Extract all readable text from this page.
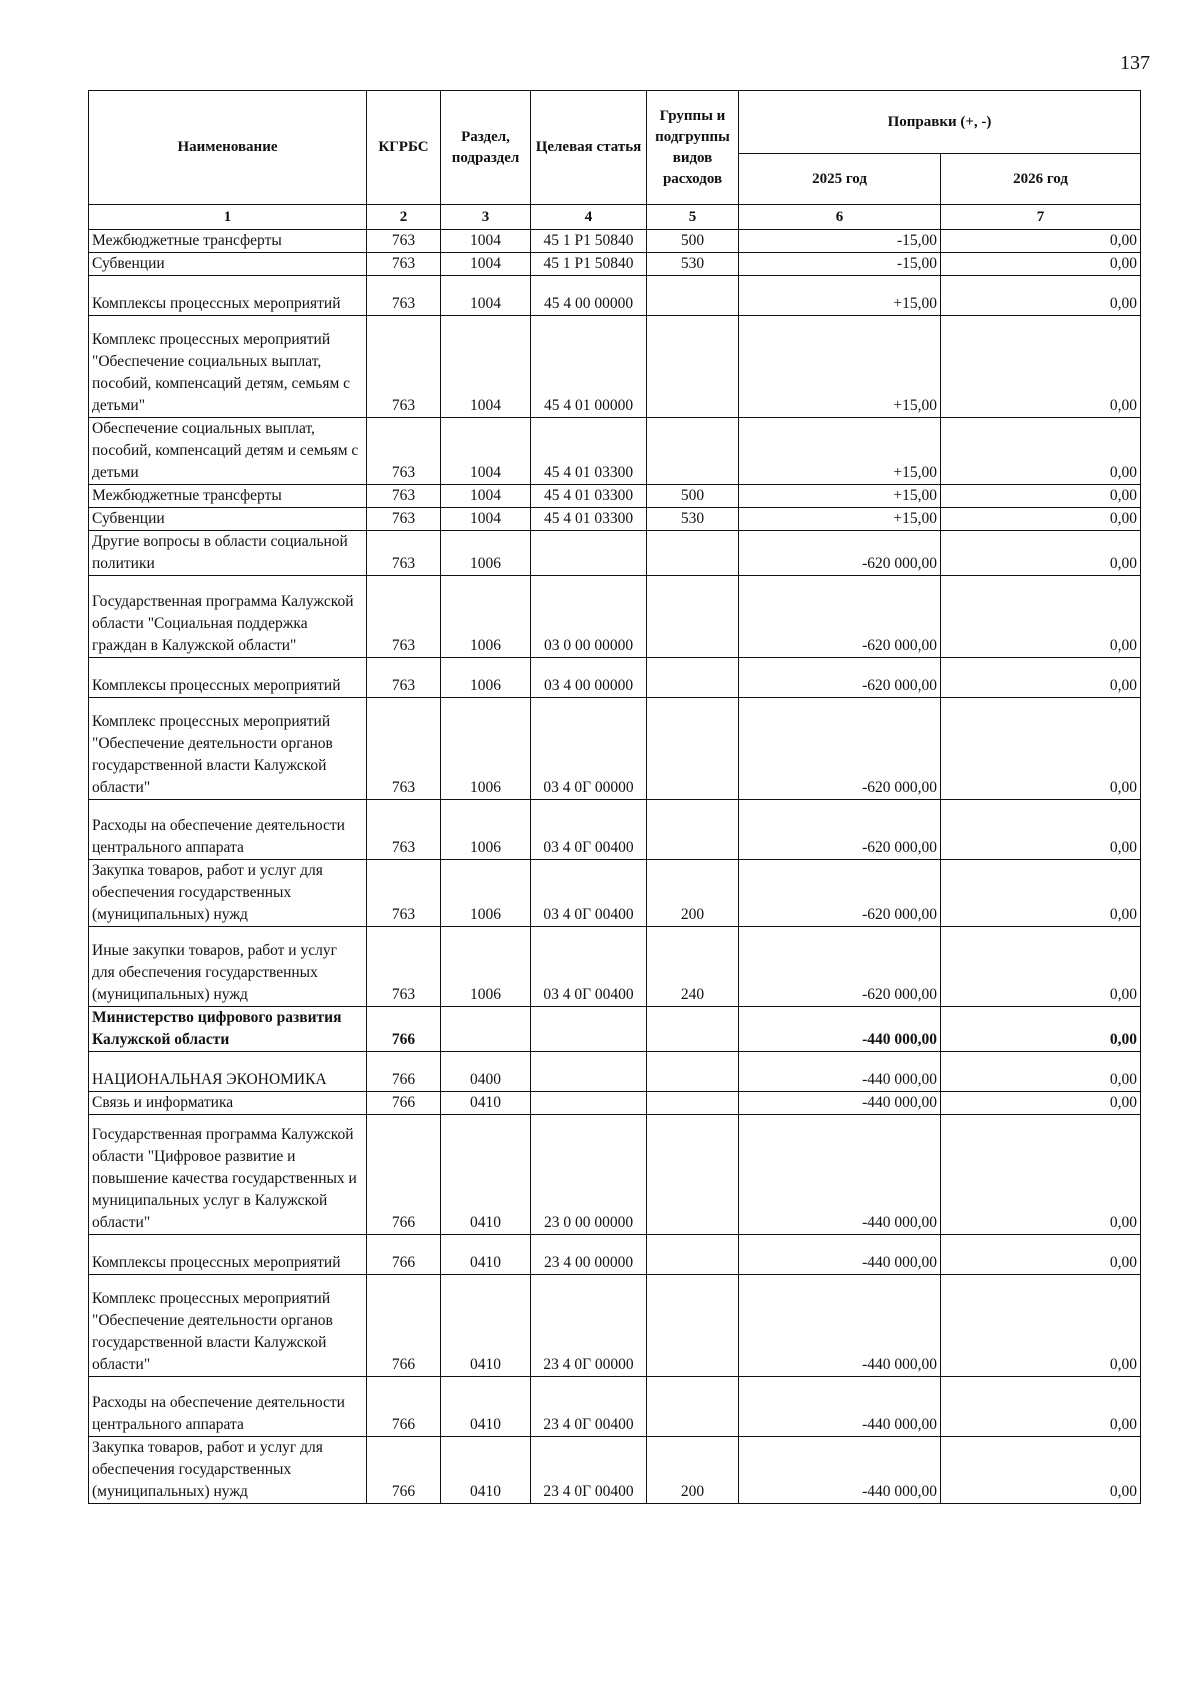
137
Наименование	КГРБС	Раздел, подраздел	Целевая статья	Группы и подгруппы видов расходов	Поправки (+, -)	
					2025 год	2026 год
1	2	3	4	5	6	7
Межбюджетные трансферты	763	1004	45 1 Р1 50840	500	-15,00	0,00
Субвенции	763	1004	45 1 Р1 50840	530	-15,00	0,00
Комплексы процессных мероприятий	763	1004	45 4 00 00000		+15,00	0,00
Комплекс процессных мероприятий "Обеспечение социальных выплат, пособий, компенсаций детям, семьям с детьми"	763	1004	45 4 01 00000		+15,00	0,00
Обеспечение социальных выплат, пособий, компенсаций детям и семьям с детьми	763	1004	45 4 01 03300		+15,00	0,00
Межбюджетные трансферты	763	1004	45 4 01 03300	500	+15,00	0,00
Субвенции	763	1004	45 4 01 03300	530	+15,00	0,00
Другие вопросы в области социальной политики	763	1006			-620 000,00	0,00
Государственная программа Калужской области "Социальная поддержка граждан в Калужской области"	763	1006	03 0 00 00000		-620 000,00	0,00
Комплексы процессных мероприятий	763	1006	03 4 00 00000		-620 000,00	0,00
Комплекс процессных мероприятий "Обеспечение деятельности органов государственной власти Калужской области"	763	1006	03 4 0Г 00000		-620 000,00	0,00
Расходы на обеспечение деятельности центрального аппарата	763	1006	03 4 0Г 00400		-620 000,00	0,00
Закупка товаров, работ и услуг для обеспечения государственных (муниципальных) нужд	763	1006	03 4 0Г 00400	200	-620 000,00	0,00
Иные закупки товаров, работ и услуг для обеспечения государственных (муниципальных) нужд	763	1006	03 4 0Г 00400	240	-620 000,00	0,00
Министерство цифрового развития Калужской области	766				-440 000,00	0,00
НАЦИОНАЛЬНАЯ ЭКОНОМИКА	766	0400			-440 000,00	0,00
Связь и информатика	766	0410			-440 000,00	0,00
Государственная программа Калужской области "Цифровое развитие и повышение качества государственных и муниципальных услуг в Калужской области"	766	0410	23 0 00 00000		-440 000,00	0,00
Комплексы процессных мероприятий	766	0410	23 4 00 00000		-440 000,00	0,00
Комплекс процессных мероприятий "Обеспечение деятельности органов государственной власти Калужской области"	766	0410	23 4 0Г 00000		-440 000,00	0,00
Расходы на обеспечение деятельности центрального аппарата	766	0410	23 4 0Г 00400		-440 000,00	0,00
Закупка товаров, работ и услуг для обеспечения государственных (муниципальных) нужд	766	0410	23 4 0Г 00400	200	-440 000,00	0,00
